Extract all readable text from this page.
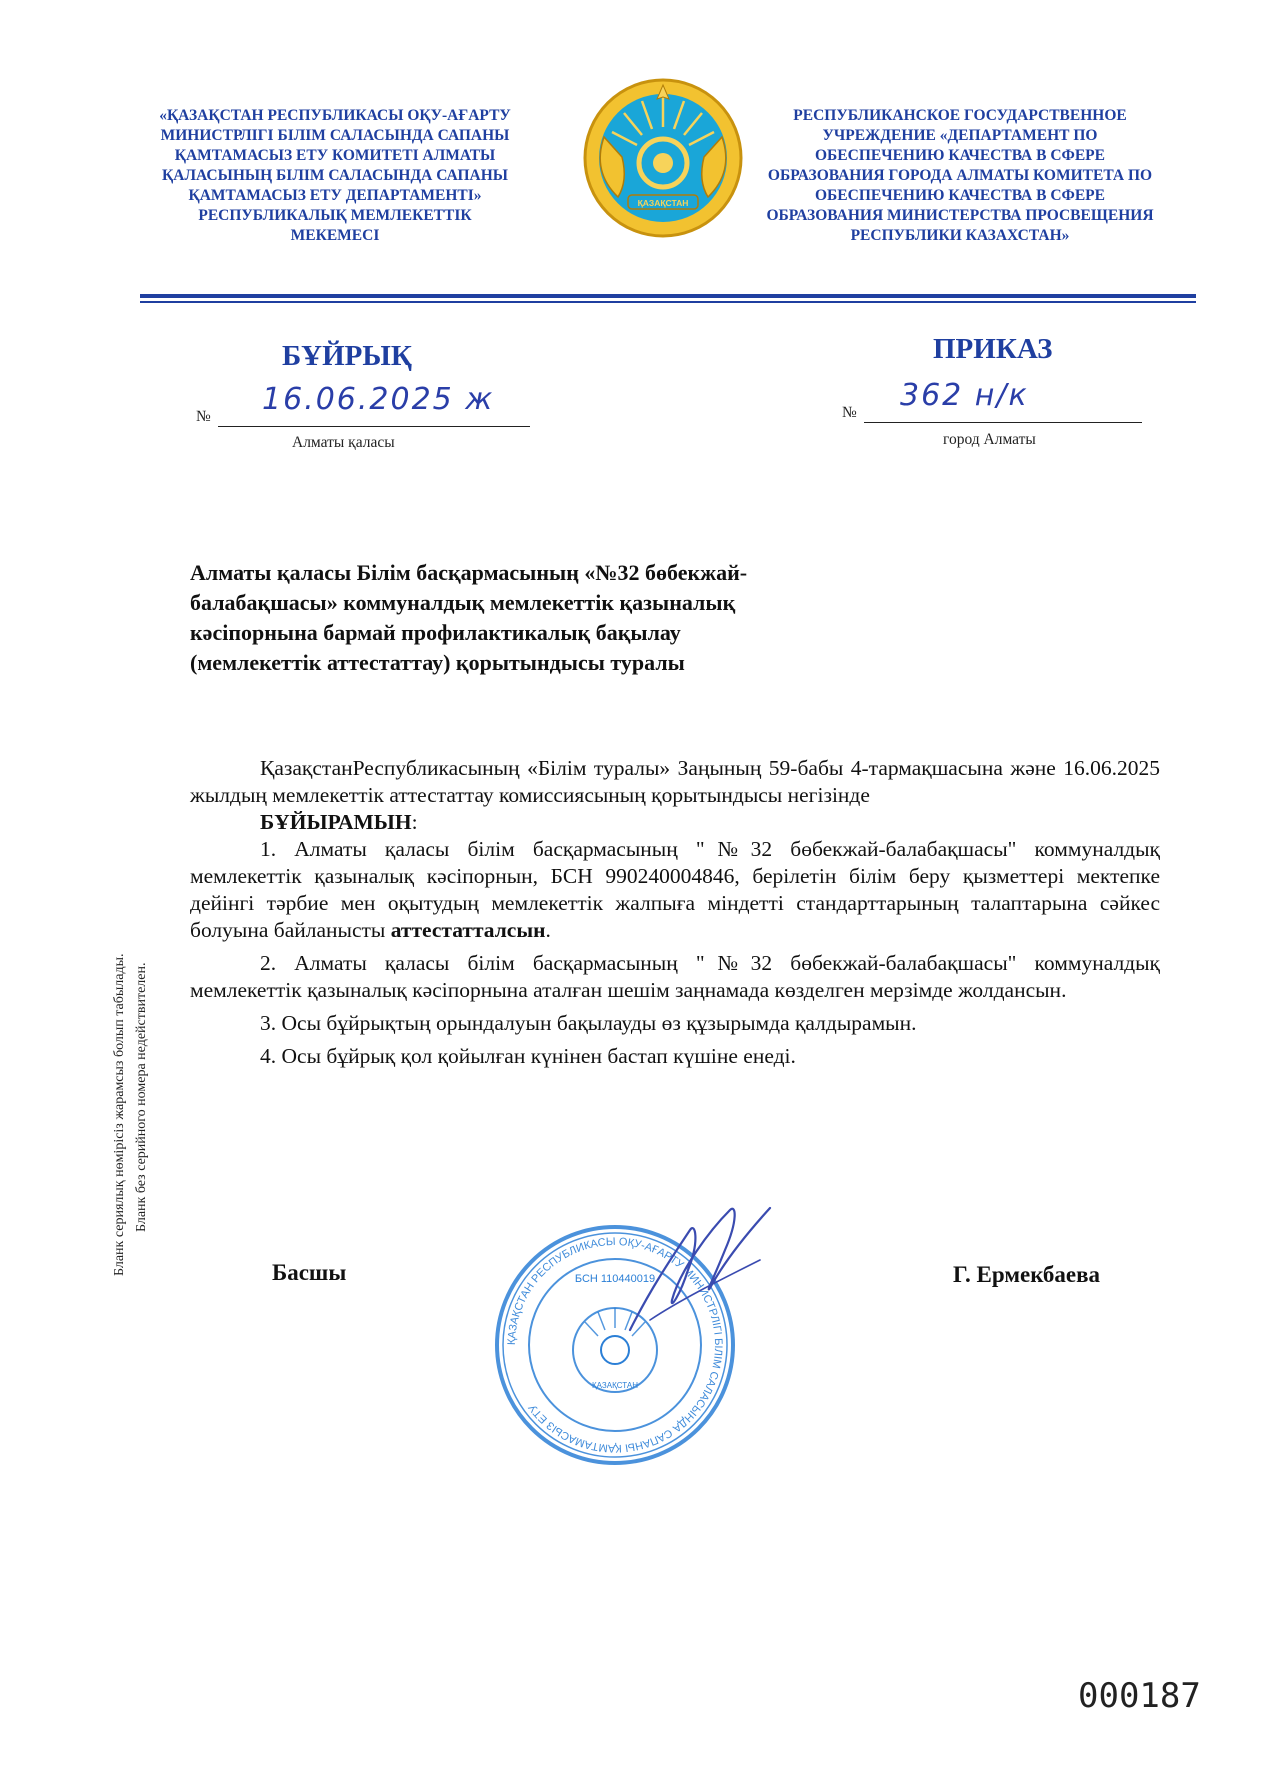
«ҚАЗАҚСТАН РЕСПУБЛИКАСЫ ОҚУ-АҒАРТУ
МИНИСТРЛІГІ БІЛІМ САЛАСЫНДА САПАНЫ
ҚАМТАМАСЫЗ ЕТУ КОМИТЕТІ АЛМАТЫ
ҚАЛАСЫНЫҢ БІЛІМ САЛАСЫНДА САПАНЫ
ҚАМТАМАСЫЗ ЕТУ ДЕПАРТАМЕНТІ»
РЕСПУБЛИКАЛЫҚ МЕМЛЕКЕТТІК
МЕКЕМЕСІ
ҚАЗАҚСТАН
РЕСПУБЛИКАНСКОЕ ГОСУДАРСТВЕННОЕ
УЧРЕЖДЕНИЕ «ДЕПАРТАМЕНТ ПО
ОБЕСПЕЧЕНИЮ КАЧЕСТВА В СФЕРЕ
ОБРАЗОВАНИЯ ГОРОДА АЛМАТЫ КОМИТЕТА ПО
ОБЕСПЕЧЕНИЮ КАЧЕСТВА В СФЕРЕ
ОБРАЗОВАНИЯ МИНИСТЕРСТВА ПРОСВЕЩЕНИЯ
РЕСПУБЛИКИ КАЗАХСТАН»
БҰЙРЫҚ	ПРИКАЗ
№ 16.06.2025 ж
Алматы қаласы
№ 362 н/к
город Алматы
Алматы қаласы Білім басқармасының «№32 бөбекжай-балабақшасы» коммуналдық мемлекеттік қазыналық кәсіпорнына бармай профилактикалық бақылау (мемлекеттік аттестаттау) қорытындысы туралы

ҚазақстанРеспубликасының «Білім туралы» Заңының 59-бабы 4-тармақшасына және 16.06.2025 жылдың мемлекеттік аттестаттау комиссиясының қорытындысы негізінде

БҰЙЫРАМЫН:

1. Алматы қаласы білім басқармасының "№32 бөбекжай-балабақшасы" коммуналдық мемлекеттік қазыналық кәсіпорнын, БСН 990240004846, берілетін білім беру қызметтері мектепке дейінгі тәрбие мен оқытудың мемлекеттік жалпыға міндетті стандарттарының талаптарына сәйкес болуына байланысты аттестатталсын.

2. Алматы қаласы білім басқармасының "№32 бөбекжай-балабақшасы" коммуналдық мемлекеттік қазыналық кәсіпорнына аталған шешім заңнамада көзделген мерзімде жолдансын.

3. Осы бұйрықтың орындалуын бақылауды өз құзырымда қалдырамын.

4. Осы бұйрық қол қойылған күнінен бастап күшіне енеді.

Бланк сериялық нөмірісіз жарамсыз болып табылады. Бланк без серийного номера недействителен.
Басшы	Г. Ермекбаева
ҚАЗАҚСТАН РЕСПУБЛИКАСЫ ОҚУ-АҒАРТУ МИНИСТРЛІГІ БІЛІМ САЛАСЫНДА САПАНЫ ҚАМТАМАСЫЗ ЕТУ
БСН 110440019
ҚАЗАҚСТАН
000187
